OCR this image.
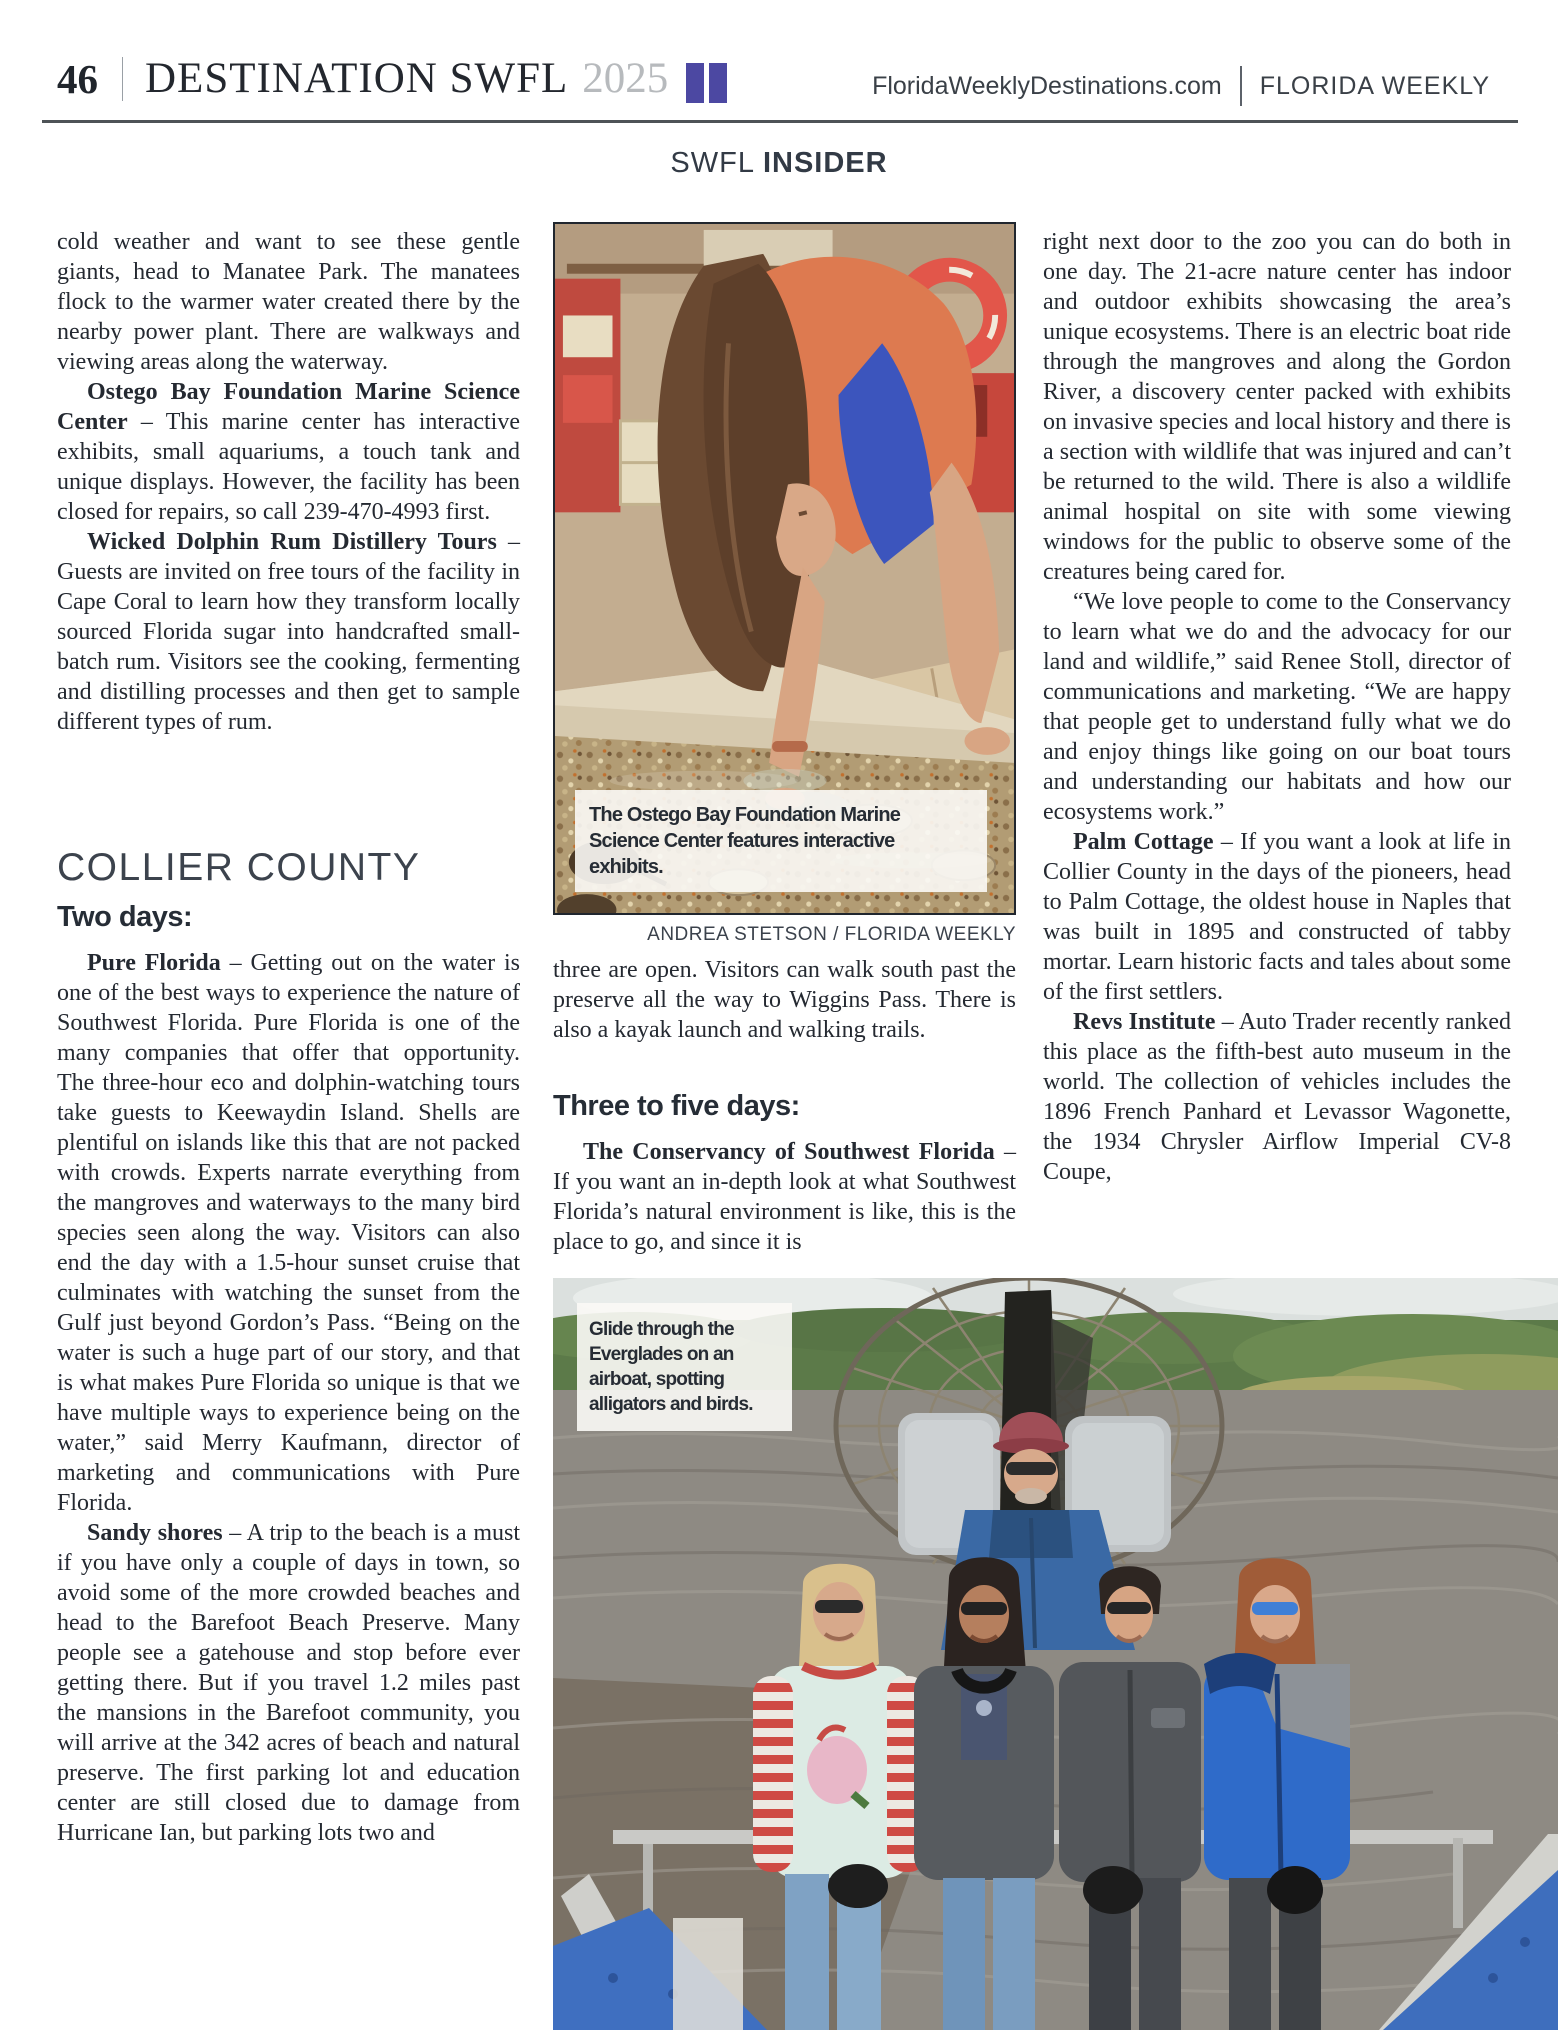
46 DESTINATION SWFL 2025	FloridaWeeklyDestinations.com FLORIDA WEEKLY
SWFL INSIDER

cold weather and want to see these gentle giants, head to Manatee Park. The manatees flock to the warmer water created there by the nearby power plant. There are walkways and viewing areas along the waterway.

Ostego Bay Foundation Marine Science Center – This marine center has interactive exhibits, small aquariums, a touch tank and unique displays. However, the facility has been closed for repairs, so call 239-470-4993 first.

Wicked Dolphin Rum Distillery Tours – Guests are invited on free tours of the facility in Cape Coral to learn how they transform locally sourced Florida sugar into handcrafted small-batch rum. Visitors see the cooking, fermenting and distilling processes and then get to sample different types of rum.

COLLIER COUNTY
Two days:

Pure Florida – Getting out on the water is one of the best ways to experience the nature of Southwest Florida. Pure Florida is one of the many companies that offer that opportunity. The three-hour eco and dolphin-watching tours take guests to Keewaydin Island. Shells are plentiful on islands like this that are not packed with crowds. Experts narrate everything from the mangroves and waterways to the many bird species seen along the way. Visitors can also end the day with a 1.5-hour sunset cruise that culminates with watching the sunset from the Gulf just beyond Gordon’s Pass. “Being on the water is such a huge part of our story, and that is what makes Pure Florida so unique is that we have multiple ways to experience being on the water,” said Merry Kaufmann, director of marketing and communications with Pure Florida.

Sandy shores – A trip to the beach is a must if you have only a couple of days in town, so avoid some of the more crowded beaches and head to the Barefoot Beach Preserve. Many people see a gatehouse and stop before ever getting there. But if you travel 1.2 miles past the mansions in the Barefoot community, you will arrive at the 342 acres of beach and natural preserve. The first parking lot and education center are still closed due to damage from Hurricane Ian, but parking lots two and

The Ostego Bay Foundation Marine Science Center features interactive exhibits.
ANDREA STETSON / FLORIDA WEEKLY

three are open. Visitors can walk south past the preserve all the way to Wiggins Pass. There is also a kayak launch and walking trails.

Three to five days:

The Conservancy of Southwest Florida – If you want an in-depth look at what Southwest Florida’s natural environment is like, this is the place to go, and since it is

right next door to the zoo you can do both in one day. The 21-acre nature center has indoor and outdoor exhibits showcasing the area’s unique ecosystems. There is an electric boat ride through the mangroves and along the Gordon River, a discovery center packed with exhibits on invasive species and local history and there is a section with wildlife that was injured and can’t be returned to the wild. There is also a wildlife animal hospital on site with some viewing windows for the public to observe some of the creatures being cared for.

“We love people to come to the Conservancy to learn what we do and the advocacy for our land and wildlife,” said Renee Stoll, director of communications and marketing. “We are happy that people get to understand fully what we do and enjoy things like going on our boat tours and understanding our habitats and how our ecosystems work.”

Palm Cottage – If you want a look at life in Collier County in the days of the pioneers, head to Palm Cottage, the oldest house in Naples that was built in 1895 and constructed of tabby mortar. Learn historic facts and tales about some of the first settlers.

Revs Institute – Auto Trader recently ranked this place as the fifth-best auto museum in the world. The collection of vehicles includes the 1896 French Panhard et Levassor Wagonette, the 1934 Chrysler Airflow Imperial CV-8 Coupe,

Glide through the Everglades on an airboat, spotting alligators and birds.
